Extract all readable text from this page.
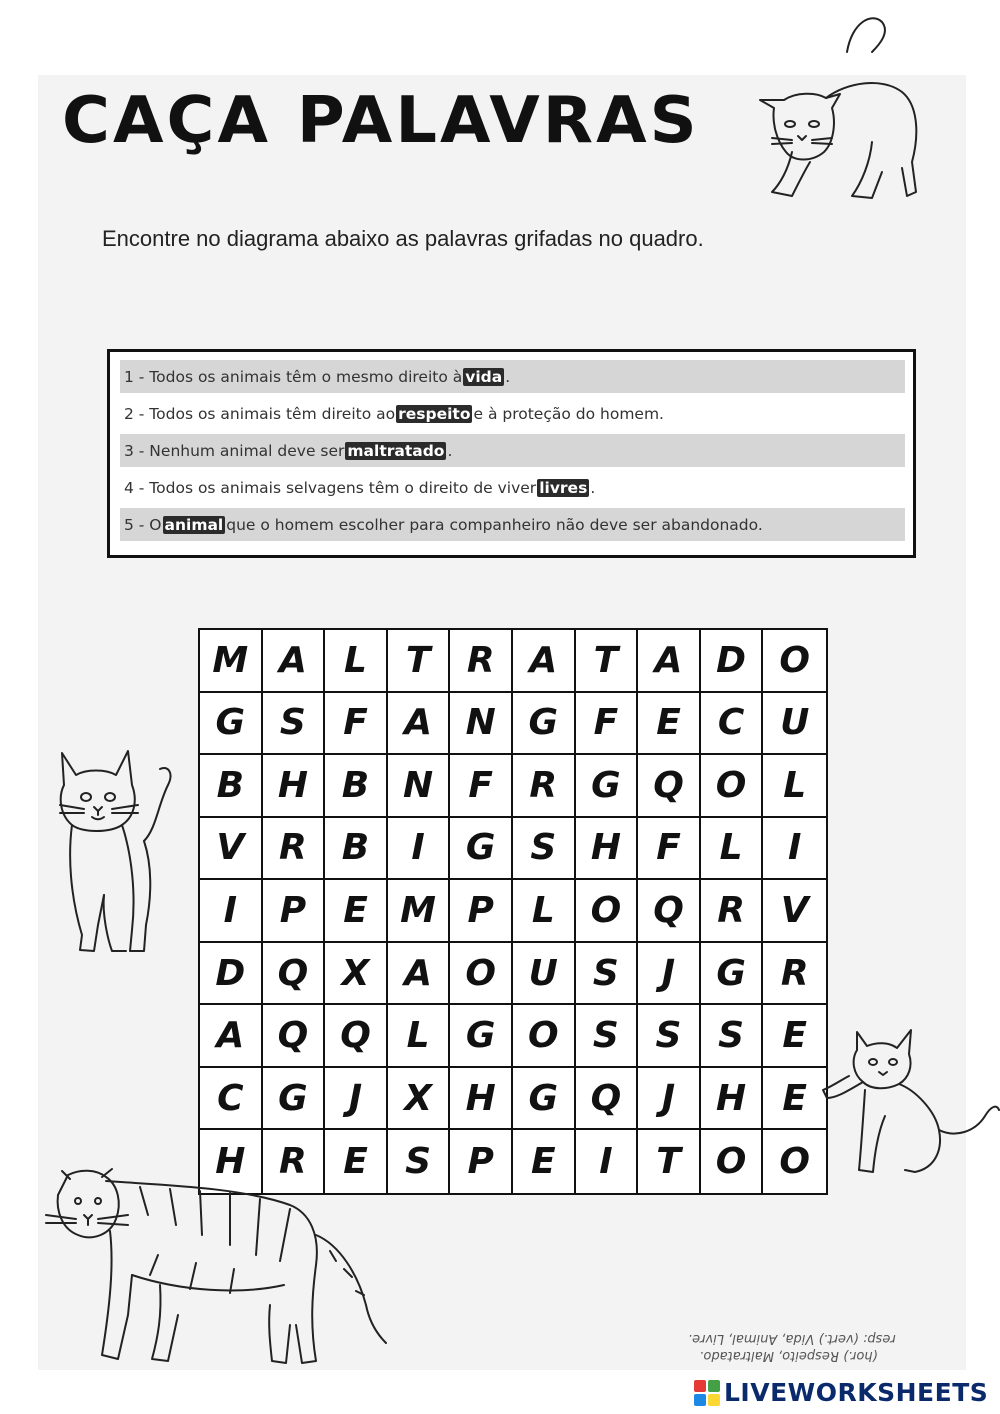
CAÇA PALAVRAS

Encontre no diagrama abaixo as palavras grifadas no quadro.

1 - Todos os animais têm o mesmo direito à vida .
2 - Todos os animais têm direito ao respeito e à proteção do homem.
3 - Nenhum animal deve ser maltratado .
4 - Todos os animais selvagens têm o direito de viver livres .
5 - O animal que o homem escolher para companheiro não deve ser abandonado.
M A	L	T	R A	T	A D O
G S	F	A N G F	E	C U
B H B N F	R G Q O	L
V R B	I	G S H F	L	I
I	P	E M P	L O Q R V
D Q X A O U S	J	G R
A Q Q L	G O S	S	S	E
C G	J	X H G Q	J	H	E
H R	E	S	P	E	I	T O O
(hor.) Respeito, Maltratado.
resp: (vert.) Vida, Animal, Livre.
LIVEWORKSHEETS
